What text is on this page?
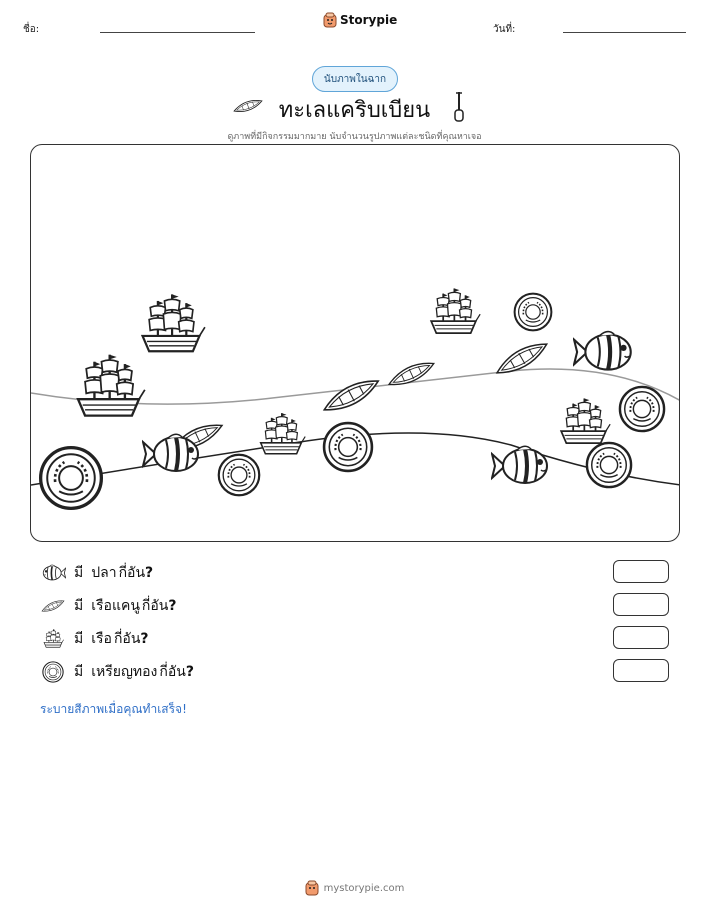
ชื่อ:
Storypie
วันที่:
นับภาพในฉาก
ทะเลแคริบเบียน
ดูภาพที่มีกิจกรรมมากมาย นับจำนวนรูปภาพแต่ละชนิดที่คุณหาเจอ
มี ปลา กี่อัน?
มี เรือแคนู กี่อัน?
มี เรือ กี่อัน?
มี เหรียญทอง กี่อัน?
ระบายสีภาพเมื่อคุณทำเสร็จ!
mystorypie.com
